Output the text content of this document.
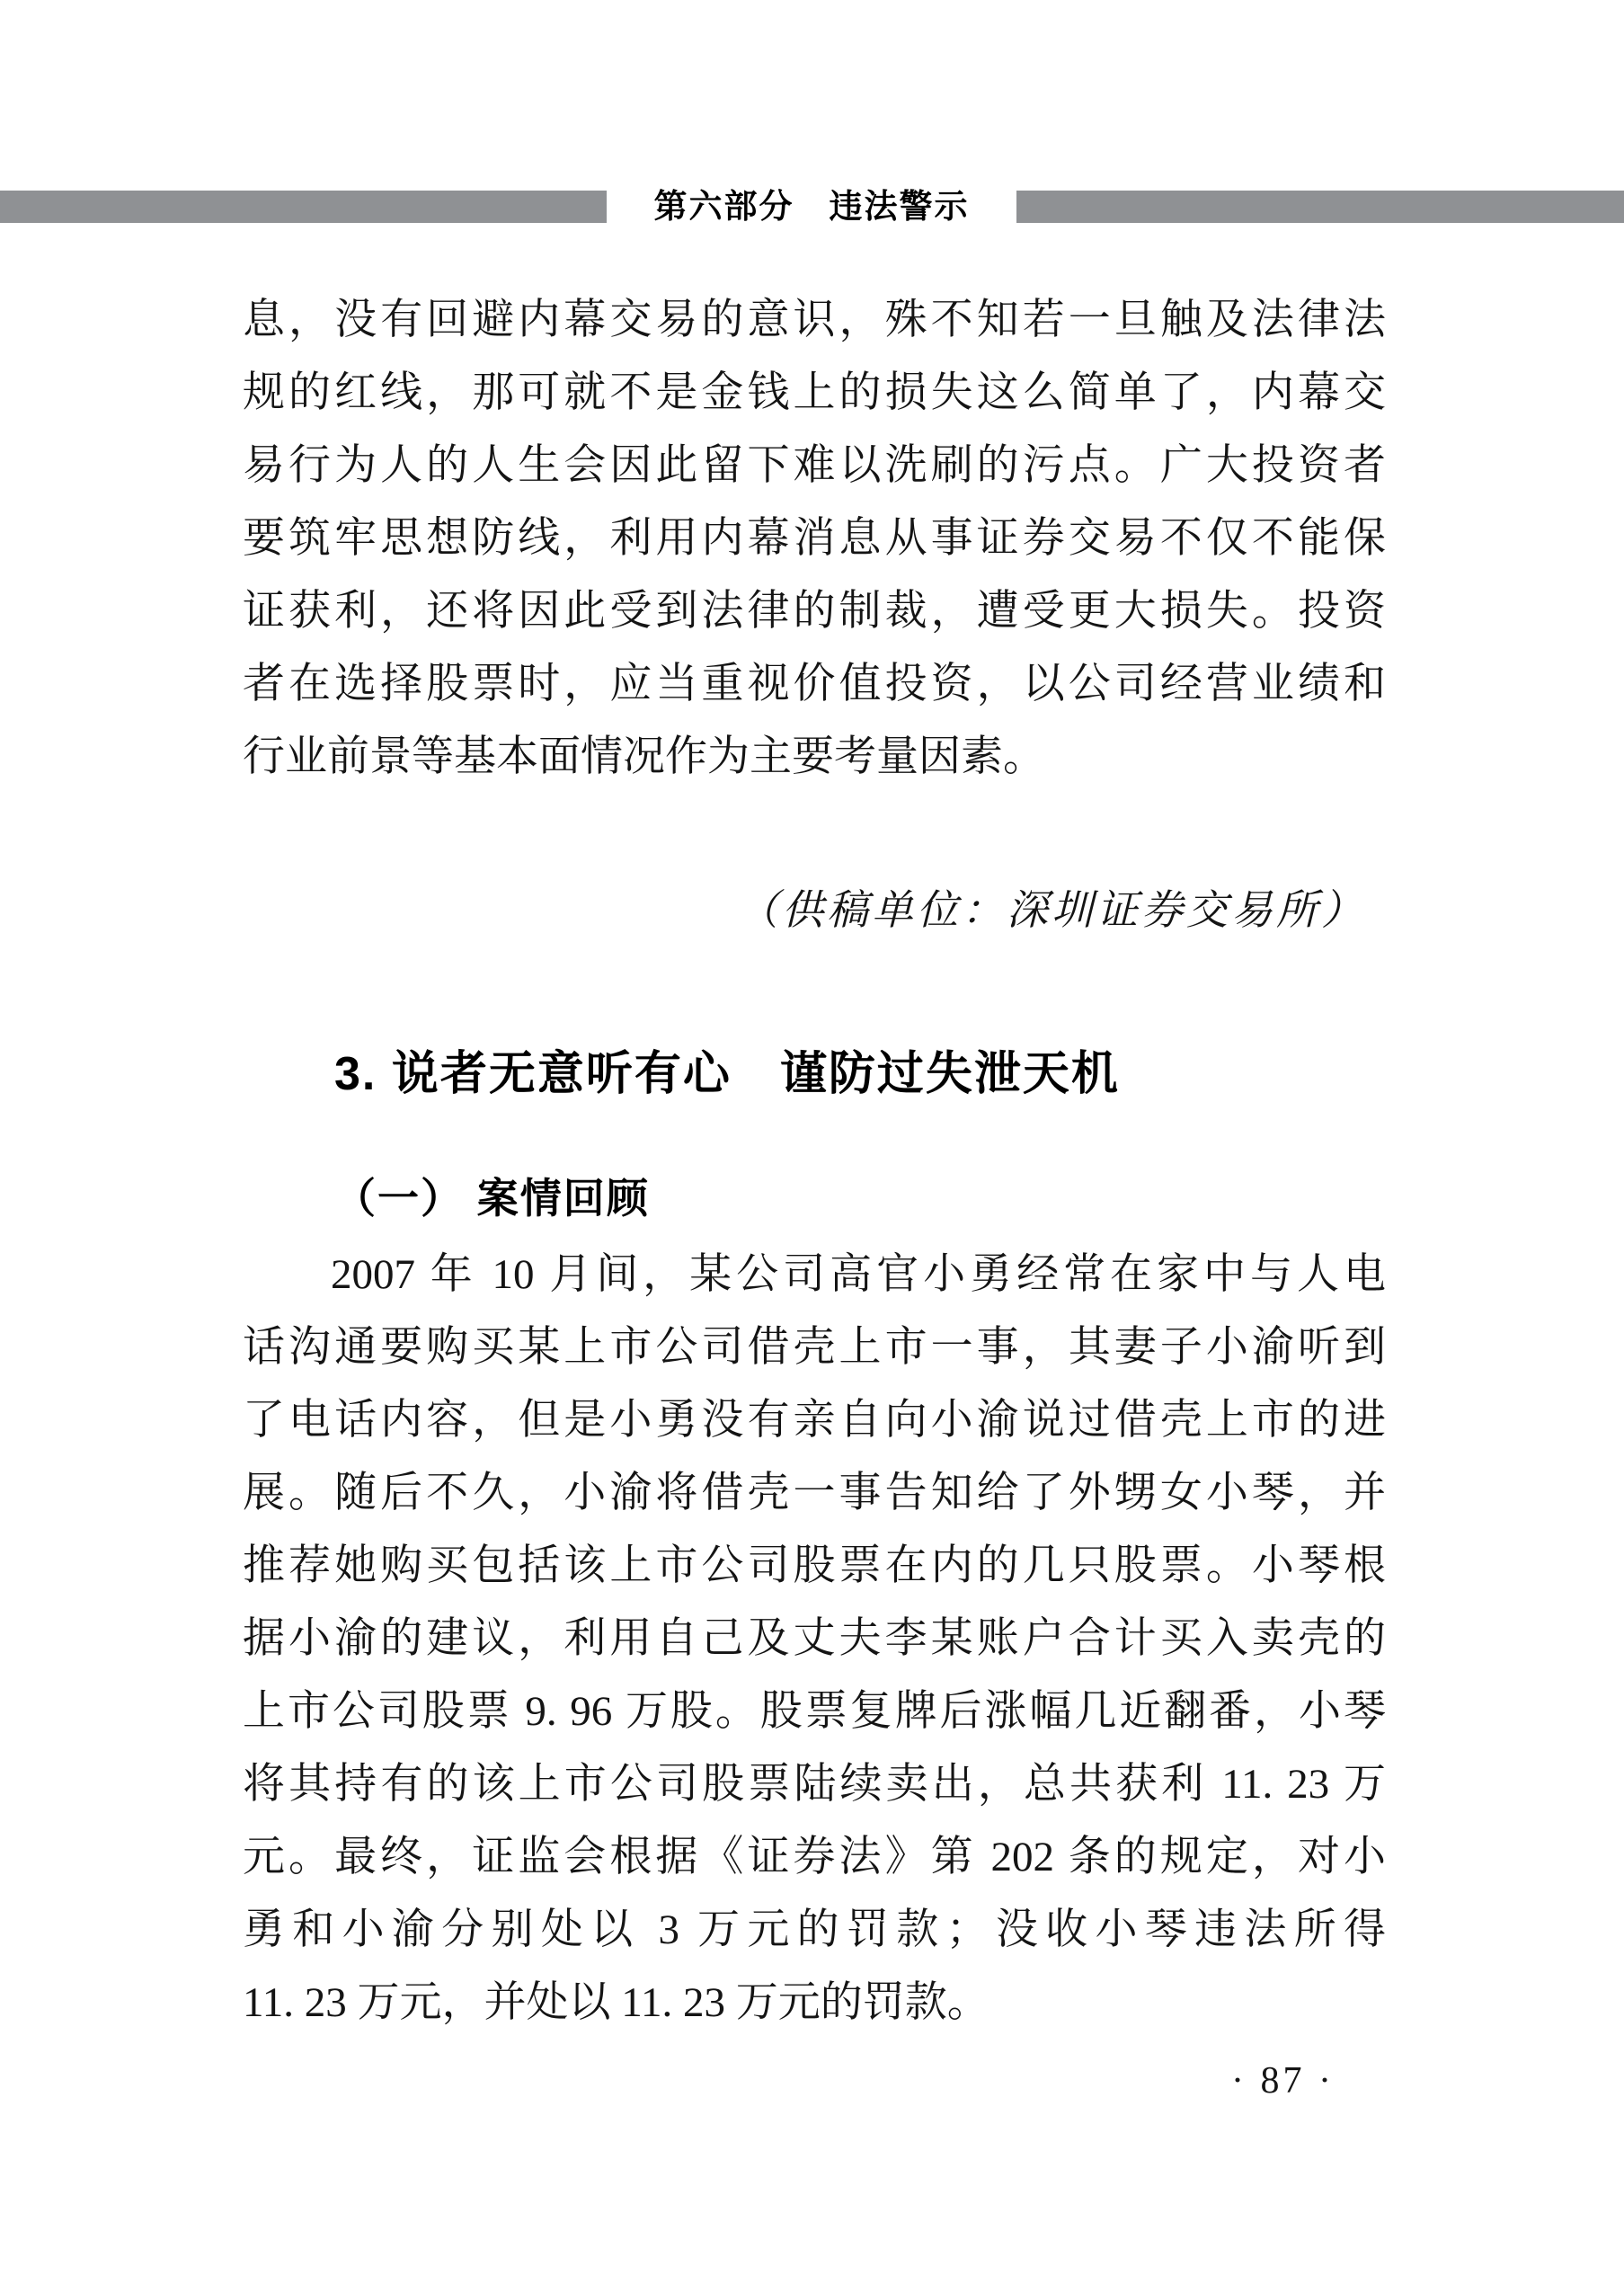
第六部分　违法警示
息，没有回避内幕交易的意识，殊不知若一旦触及法律法
规的红线，那可就不是金钱上的损失这么简单了，内幕交
易行为人的人生会因此留下难以洗刷的污点。广大投资者
要筑牢思想防线，利用内幕消息从事证券交易不仅不能保
证获利，还将因此受到法律的制裁，遭受更大损失。投资
者在选择股票时，应当重视价值投资，以公司经营业绩和
行业前景等基本面情况作为主要考量因素。
（供稿单位：深圳证券交易所）
3. 说者无意听有心　谨防过失泄天机
（一） 案情回顾
2007 年 10 月间，某公司高官小勇经常在家中与人电
话沟通要购买某上市公司借壳上市一事，其妻子小渝听到
了电话内容，但是小勇没有亲自向小渝说过借壳上市的进
展。随后不久，小渝将借壳一事告知给了外甥女小琴，并
推荐她购买包括该上市公司股票在内的几只股票。小琴根
据小渝的建议，利用自己及丈夫李某账户合计买入卖壳的
上市公司股票 9. 96 万股。股票复牌后涨幅几近翻番，小琴
将其持有的该上市公司股票陆续卖出，总共获利 11. 23 万
元。最终，证监会根据《证券法》第 202 条的规定，对小
勇和小渝分别处以 3 万元的罚款；没收小琴违法所得
11. 23 万元，并处以 11. 23 万元的罚款。
· 87 ·
